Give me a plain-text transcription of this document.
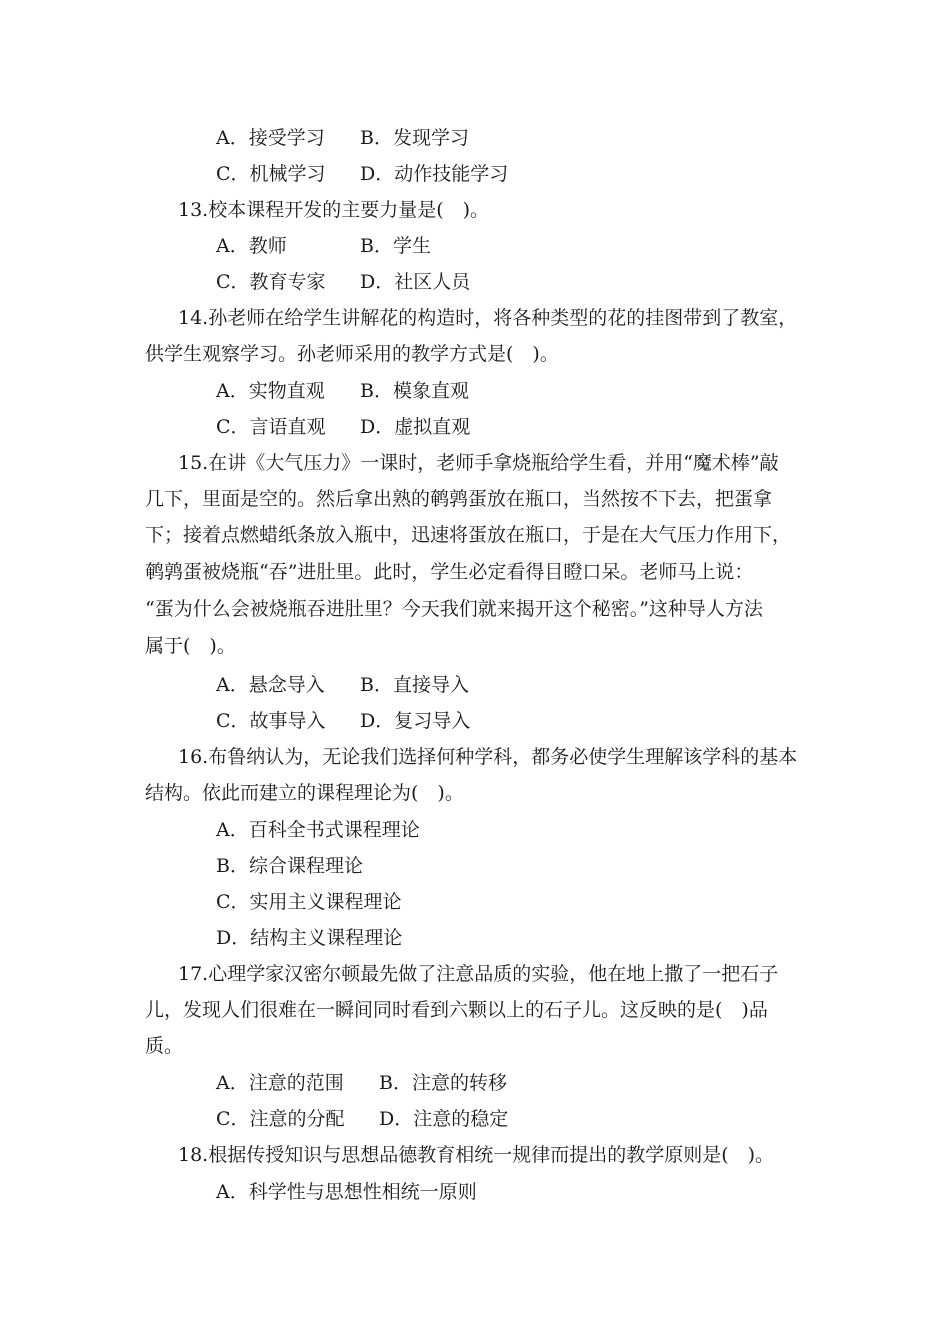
A．接受学习 B．发现学习
C．机械学习 D．动作技能学习
13.校本课程开发的主要力量是(　)。
A．教师	B．学生
C．教育专家 D．社区人员
14.孙老师在给学生讲解花的构造时，将各种类型的花的挂图带到了教室，
供学生观察学习。孙老师采用的教学方式是(　)。
A．实物直观 B．模象直观
C．言语直观 D．虚拟直观
15.在讲《大气压力》一课时，老师手拿烧瓶给学生看，并用“魔术棒”敲
几下，里面是空的。然后拿出熟的鹌鹑蛋放在瓶口，当然按不下去，把蛋拿
下；接着点燃蜡纸条放入瓶中，迅速将蛋放在瓶口，于是在大气压力作用下，
鹌鹑蛋被烧瓶“吞”进肚里。此时，学生必定看得目瞪口呆。老师马上说：
“蛋为什么会被烧瓶吞进肚里？今天我们就来揭开这个秘密。”这种导人方法
属于(　)。
A．悬念导入 B．直接导入
C．故事导入 D．复习导入
16.布鲁纳认为，无论我们选择何种学科，都务必使学生理解该学科的基本
结构。依此而建立的课程理论为(　)。
A．百科全书式课程理论
B．综合课程理论
C．实用主义课程理论
D．结构主义课程理论
17.心理学家汉密尔顿最先做了注意品质的实验，他在地上撒了一把石子
儿，发现人们很难在一瞬间同时看到六颗以上的石子儿。这反映的是(　)品
质。
A．注意的范围 B．注意的转移
C．注意的分配 D．注意的稳定
18.根据传授知识与思想品德教育相统一规律而提出的教学原则是(　)。
A．科学性与思想性相统一原则
